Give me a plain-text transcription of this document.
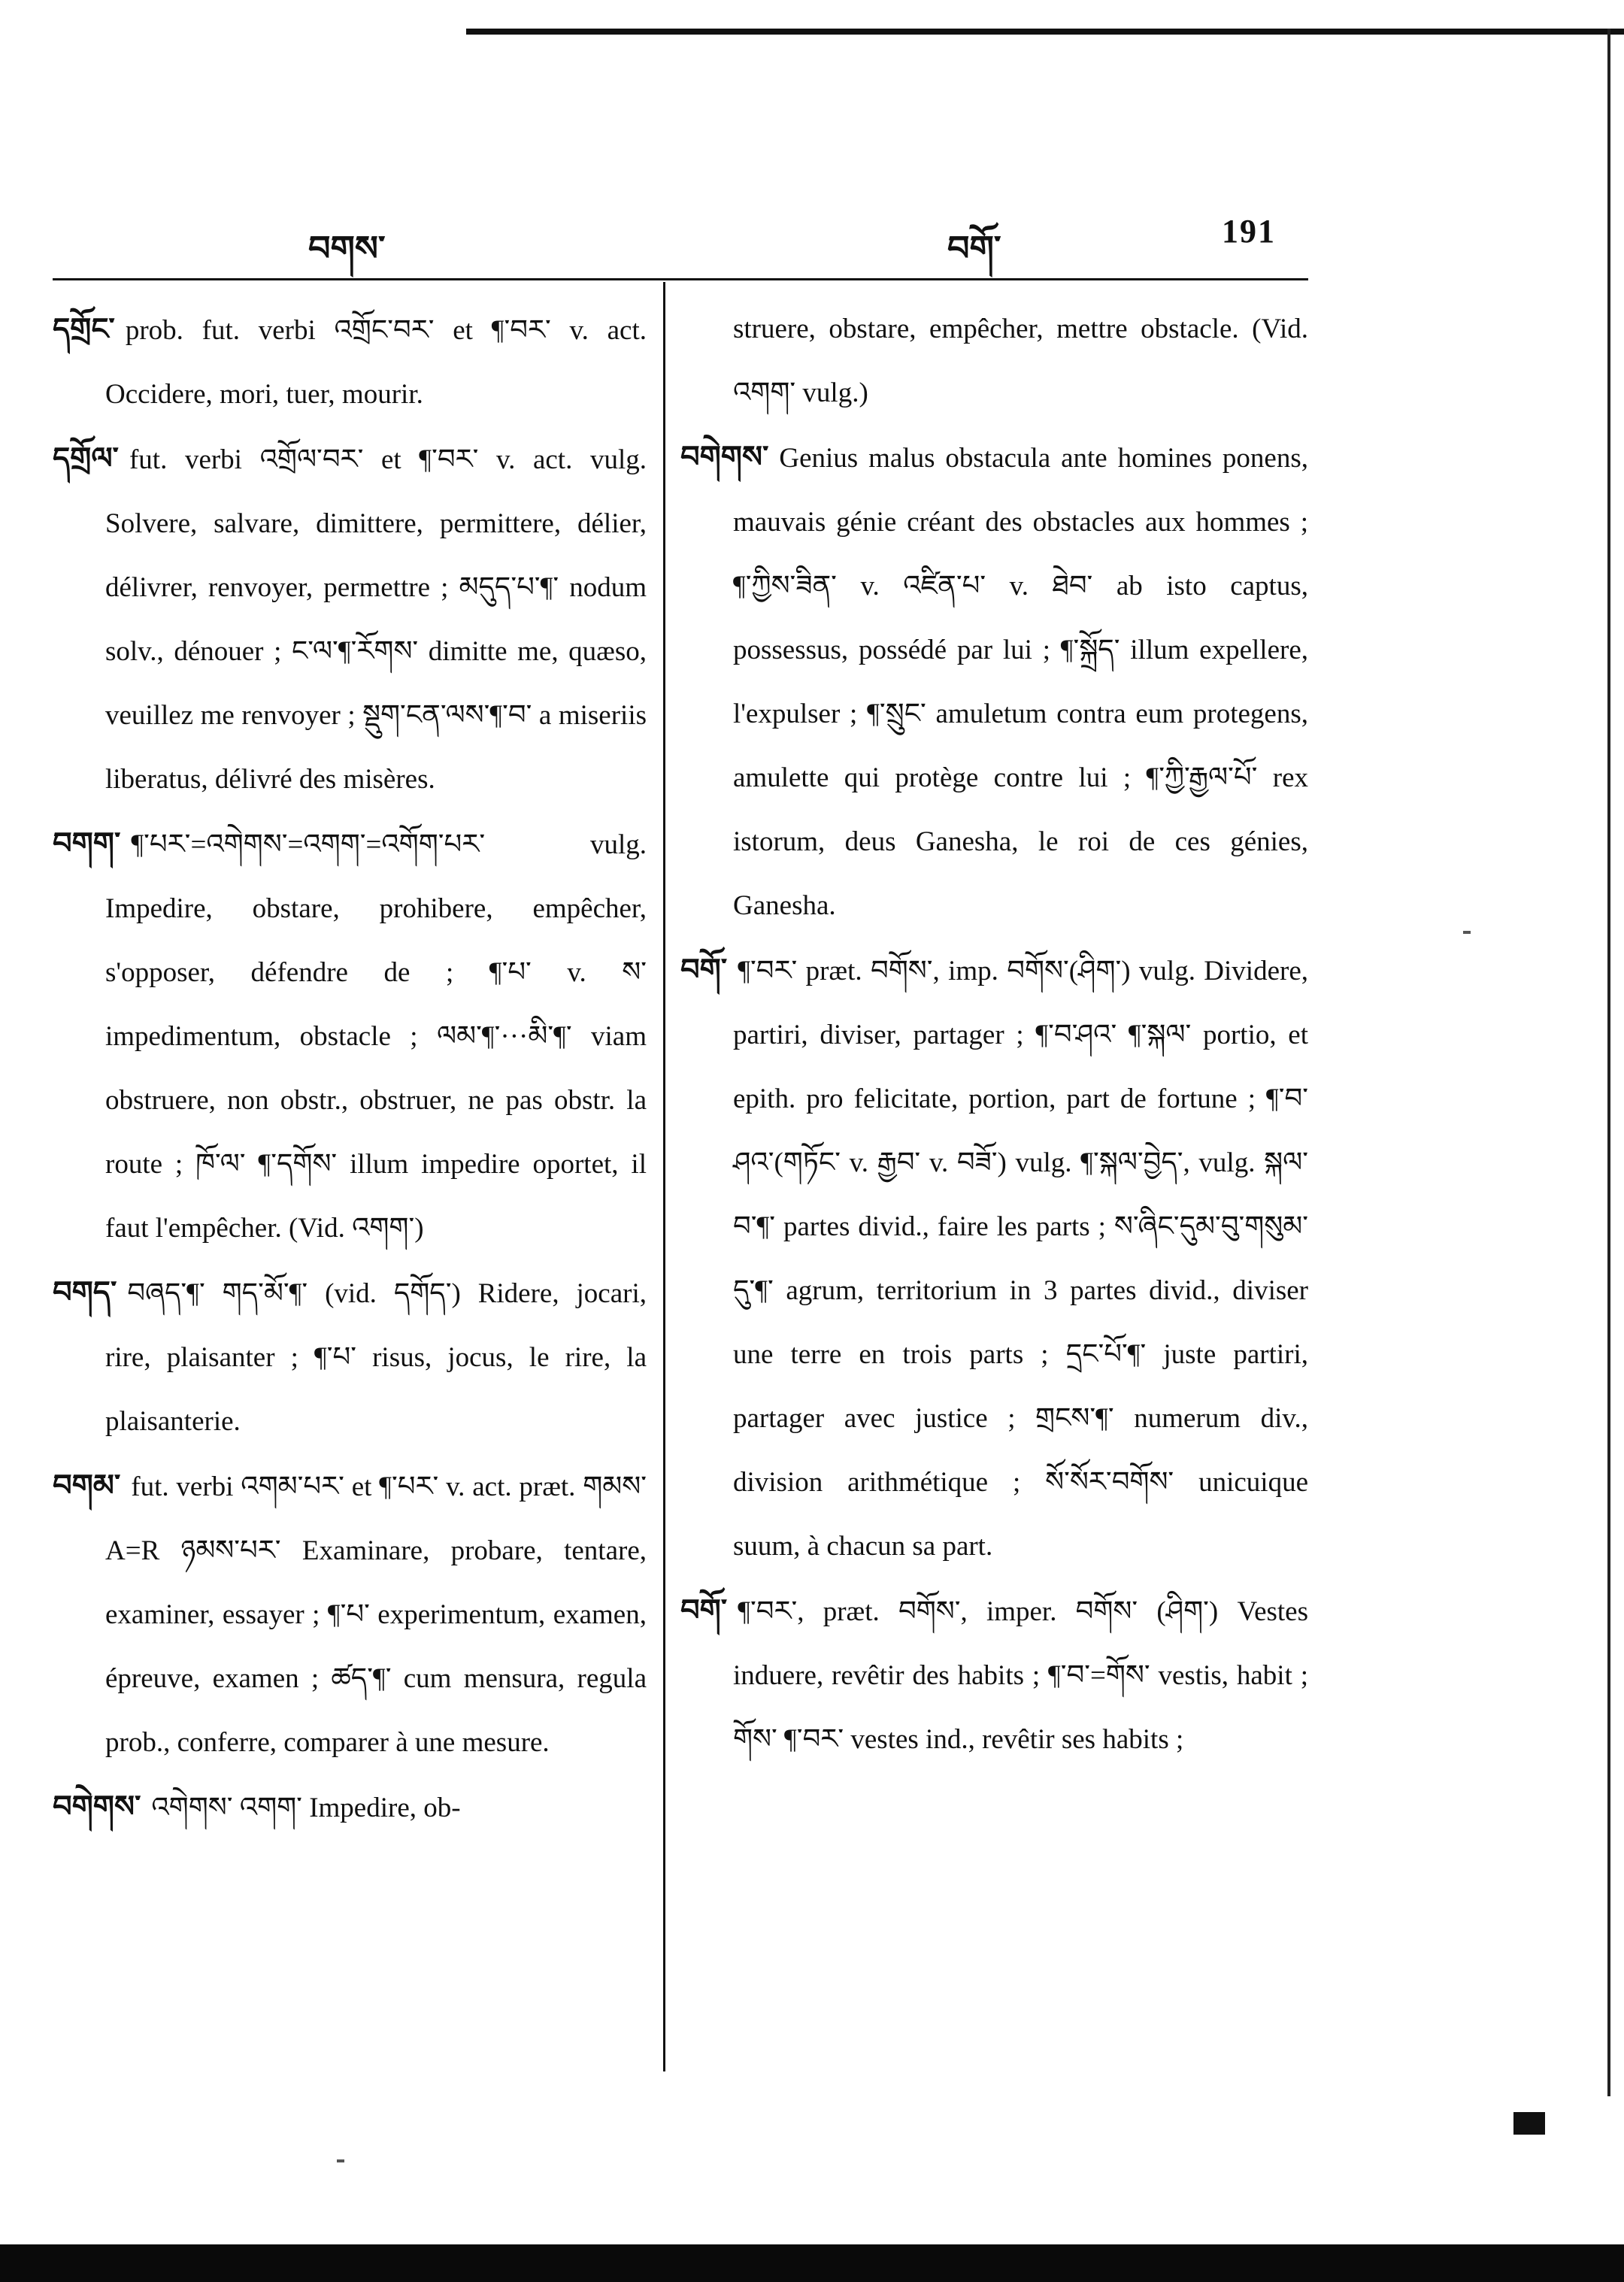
བགས་	བགོ་	191

དགྲོང་ prob. fut. verbi འགྲོང་བར་ et ¶་བར་ v. act. Occidere, mori, tuer, mourir.

དགྲོལ་ fut. verbi འགྲོལ་བར་ et ¶་བར་ v. act. vulg. Solvere, salvare, dimittere, permittere, délier, délivrer, renvoyer, permettre ; མདུད་པ་¶་ nodum solv., dénouer ; ང་ལ་¶་རོགས་ dimitte me, quæso, veuillez me renvoyer ; སྡུག་ངན་ལས་¶་བ་ a miseriis liberatus, délivré des misères.

བགག་ ¶་པར་=འགེགས་=འགག་=འགོག་པར་ vulg. Impedire, obstare, prohibere, empêcher, s'opposer, défendre de ; ¶་པ་ v. ས་ impedimentum, obstacle ; ལམ་¶་···མི་¶་ viam obstruere, non obstr., obstruer, ne pas obstr. la route ; ཁོ་ལ་ ¶་དགོས་ illum impedire oportet, il faut l'empêcher. (Vid. འགག་)

བགད་ བཞད་¶་ གད་མོ་¶་ (vid. དགོད་) Ridere, jocari, rire, plaisanter ; ¶་པ་ risus, jocus, le rire, la plaisanterie.

བགམ་ fut. verbi འགམ་པར་ et ¶་པར་ v. act. præt. གམས་ A=R ཉམས་པར་ Examinare, probare, tentare, examiner, essayer ; ¶་པ་ experimentum, examen, épreuve, examen ; ཚད་¶་ cum mensura, regula prob., conferre, comparer à une mesure.

བགེགས་ འགེགས་ འགག་ Impedire, ob-

struere, obstare, empêcher, mettre obstacle. (Vid. འགག་ vulg.)

བགེགས་ Genius malus obstacula ante homines ponens, mauvais génie créant des obstacles aux hommes ; ¶་ཀྱིས་ཟིན་ v. འཛིན་པ་ v. ཐེབ་ ab isto captus, possessus, possédé par lui ; ¶་སྐྲོད་ illum expellere, l'expulser ; ¶་སྲུང་ amuletum contra eum protegens, amulette qui protège contre lui ; ¶་ཀྱི་རྒྱལ་པོ་ rex istorum, deus Ganesha, le roi de ces génies, Ganesha.

བགོ་ ¶་བར་ præt. བགོས་, imp. བགོས་(ཤིག་) vulg. Dividere, partiri, diviser, partager ; ¶་བ་ཤའ་ ¶་སྐལ་ portio, et epith. pro felicitate, portion, part de fortune ; ¶་བ་ཤའ་(གཏོང་ v. རྒྱབ་ v. བཟོ་) vulg. ¶་སྐལ་བྱེད་, vulg. སྐལ་བ་¶་ partes divid., faire les parts ; ས་ཞིང་དུམ་བུ་གསུམ་ དུ་¶་ agrum, territorium in 3 partes divid., diviser une terre en trois parts ; དྲང་པོ་¶་ juste partiri, partager avec justice ; གྲངས་¶་ numerum div., division arithmétique ; སོ་སོར་བགོས་ unicuique suum, à chacun sa part.

བགོ་ ¶་བར་, præt. བགོས་, imper. བགོས་ (ཤིག་) Vestes induere, revêtir des habits ; ¶་བ་=གོས་ vestis, habit ; གོས་ ¶་བར་ vestes ind., revêtir ses habits ;
